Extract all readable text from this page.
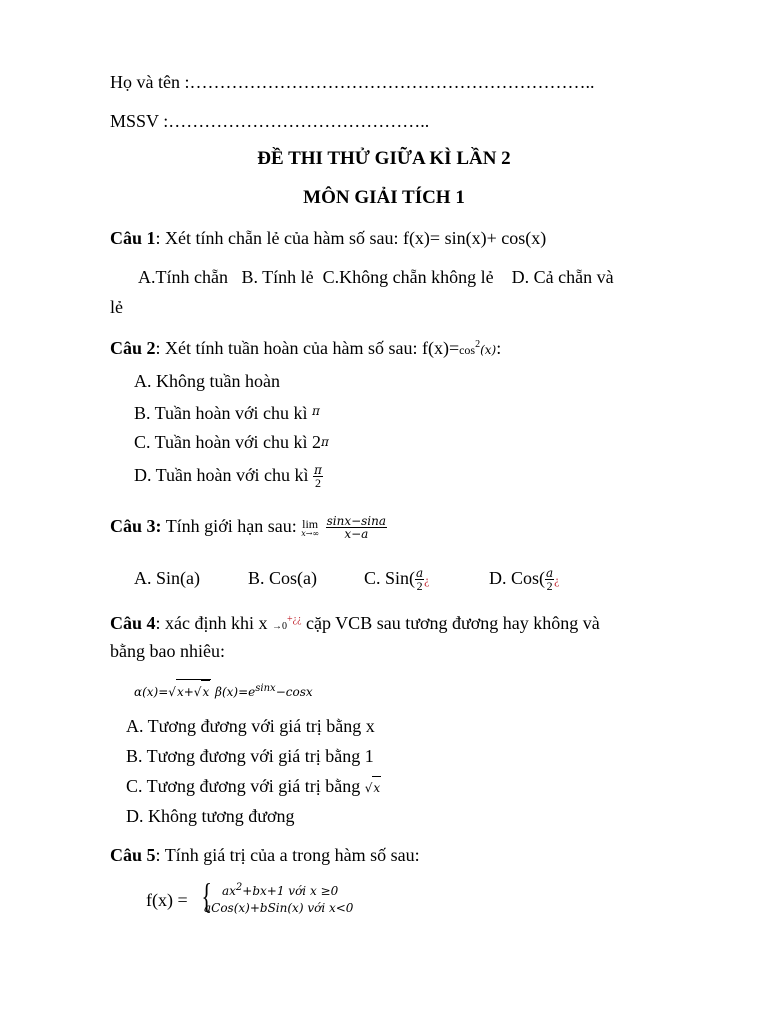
Họ và tên :…………………………………………………………..
MSSV :……………………………………..
ĐỀ THI THỬ GIỮA KÌ LẦN 2
MÔN GIẢI TÍCH 1
Câu 1: Xét tính chẵn lẻ của hàm số sau: f(x)= sin(x)+ cos(x)
A.Tính chẵn   B. Tính lẻ  C.Không chẵn không lẻ    D. Cả chẵn và
lẻ
Câu 2: Xét tính tuần hoàn của hàm số sau: $f(x)=\cos^2(x)$:
A. Không tuần hoàn
B. Tuần hoàn với chu kì $^\pi$
C. Tuần hoàn với chu kì 2π
D. Tuần hoàn với chu kì $\frac{\pi}{2}$
Câu 3: Tính giới hạn sau: lim
x→∞
$\frac{\sin x-\sin a}{x-a}$
A. Sin(a)	B. Cos(a)	C. $Sin( \frac{a}{2}$ ¿	D. $Cos( \frac{a}{2}$ ¿
Câu 4: xác định khi x →0+¿¿ cặp VCB sau tương đương hay không và
bằng bao nhiêu:
α(x)=√x+√x $\beta(x)=e^{sinx}-\cos x$
A. Tương đương với giá trị bằng x
B. Tương đương với giá trị bằng 1
C. Tương đương với giá trị bằng √x
D. Không tương đương
Câu 5: Tính giá trị của a trong hàm số sau:
f(x) = { $ax^2+bx+1$ với x ≥0
aCos(x)+bSin(x) với x<0
